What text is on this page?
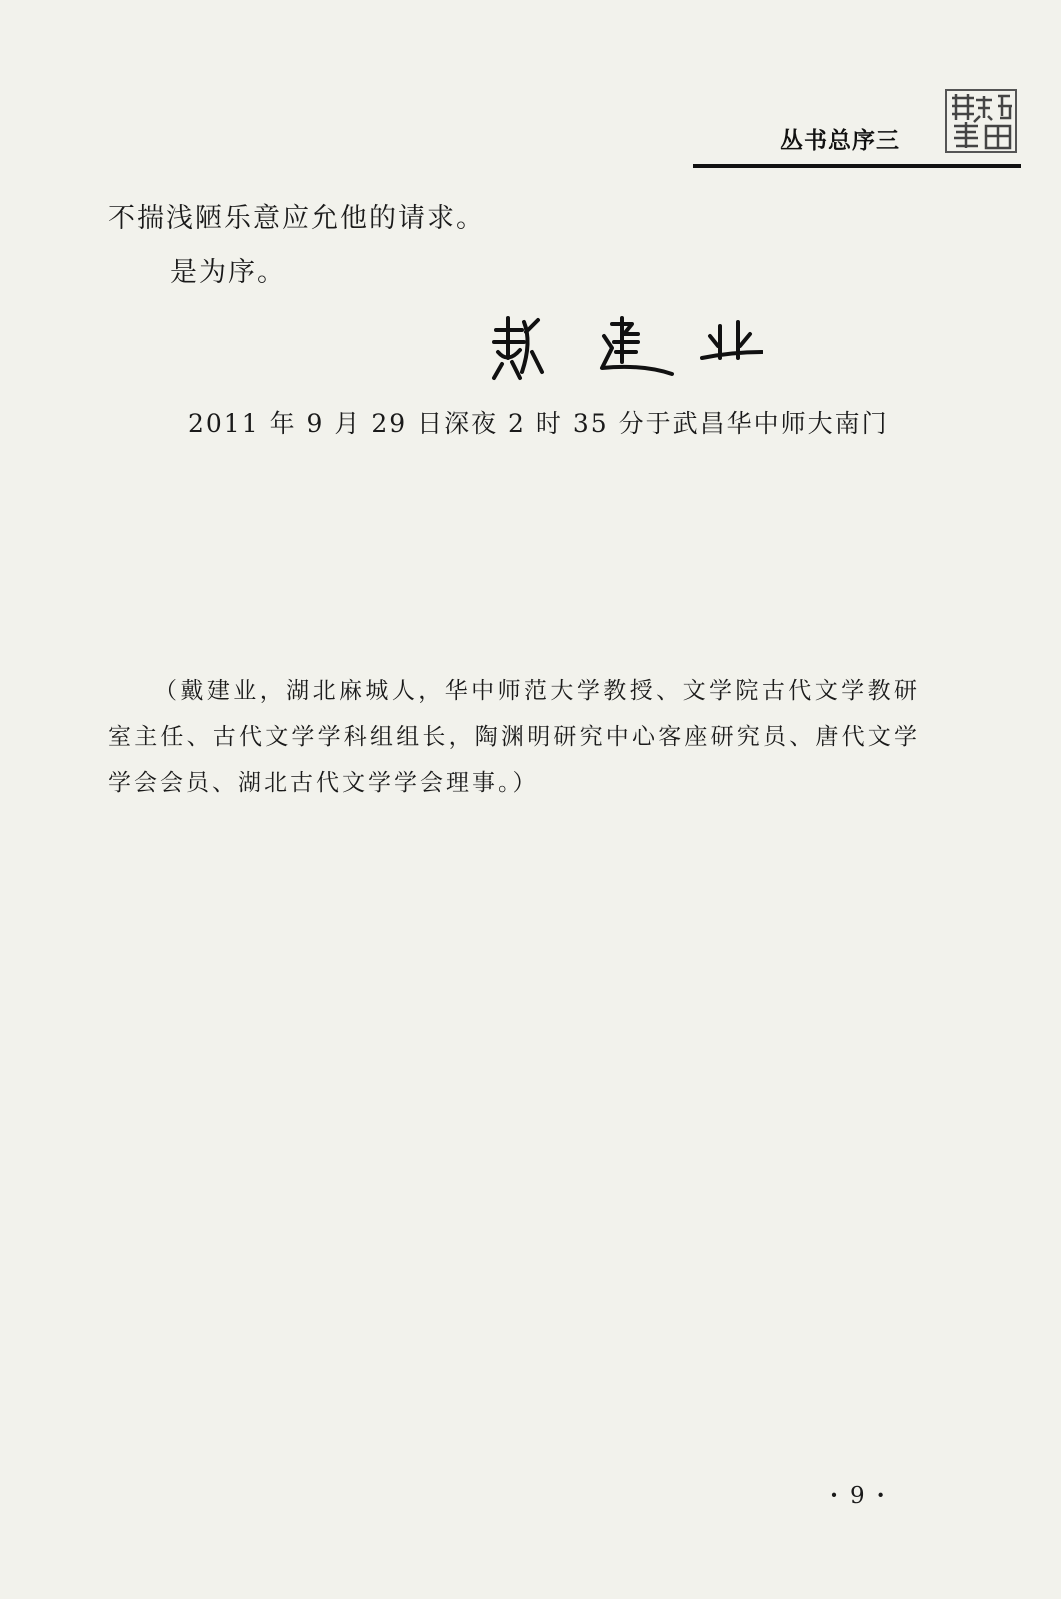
丛书总序三
不揣浅陋乐意应允他的请求。
是为序。
2011 年 9 月 29 日深夜 2 时 35 分于武昌华中师大南门

（戴建业，湖北麻城人，华中师范大学教授、文学院古代文学教研室主任、古代文学学科组组长，陶渊明研究中心客座研究员、唐代文学学会会员、湖北古代文学学会理事。）

· 9 ·
